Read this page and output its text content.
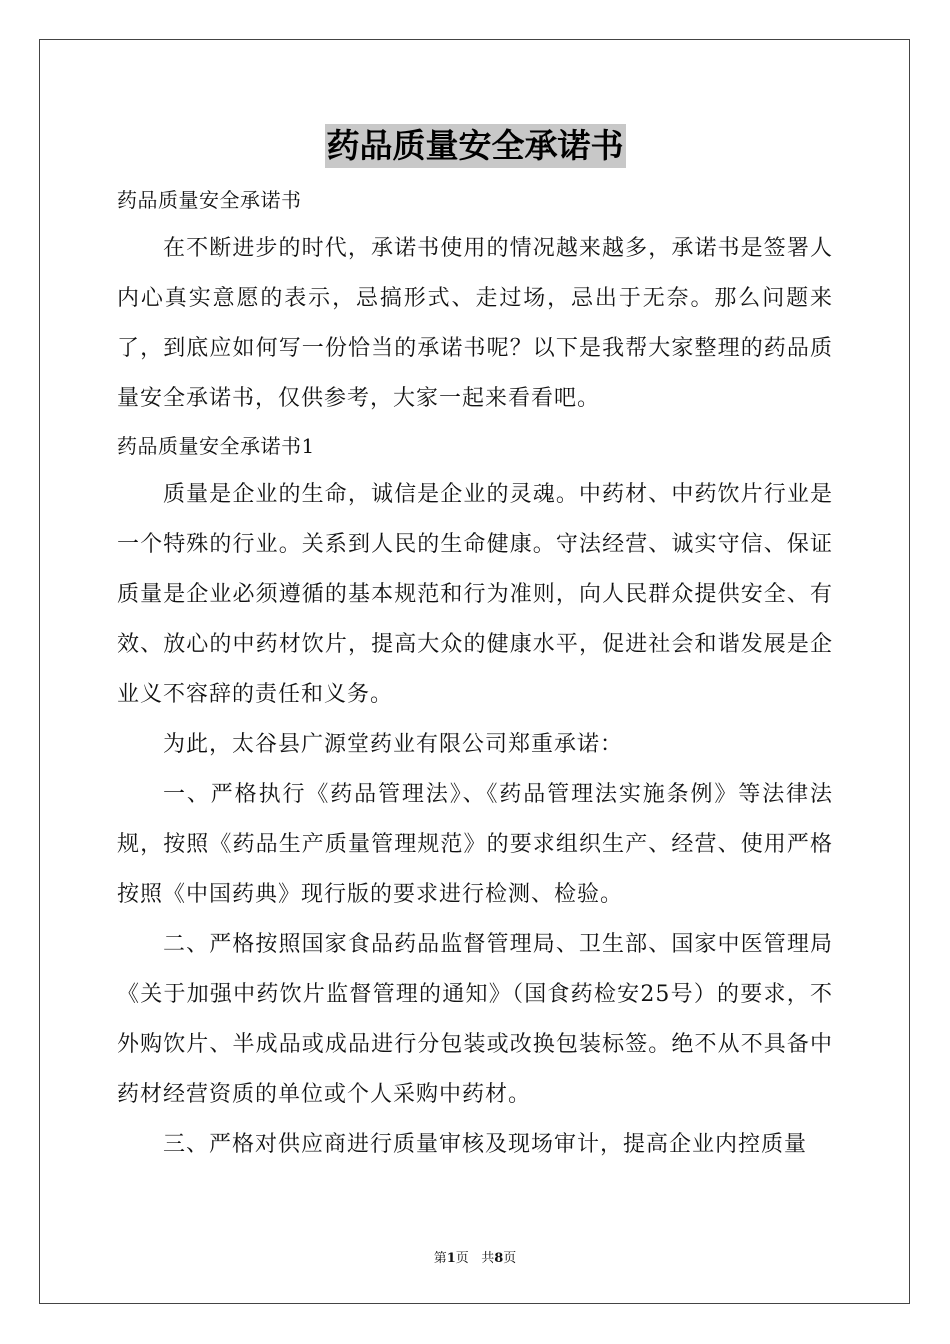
药品质量安全承诺书

药品质量安全承诺书

在不断进步的时代，承诺书使用的情况越来越多，承诺书是签署人内心真实意愿的表示，忌搞形式、走过场，忌出于无奈。那么问题来了，到底应如何写一份恰当的承诺书呢？以下是我帮大家整理的药品质量安全承诺书，仅供参考，大家一起来看看吧。

药品质量安全承诺书1

质量是企业的生命，诚信是企业的灵魂。中药材、中药饮片行业是一个特殊的行业。关系到人民的生命健康。守法经营、诚实守信、保证质量是企业必须遵循的基本规范和行为准则，向人民群众提供安全、有效、放心的中药材饮片，提高大众的健康水平，促进社会和谐发展是企业义不容辞的责任和义务。

为此，太谷县广源堂药业有限公司郑重承诺：

一、严格执行《药品管理法》、《药品管理法实施条例》等法律法规，按照《药品生产质量管理规范》的要求组织生产、经营、使用严格按照《中国药典》现行版的要求进行检测、检验。

二、严格按照国家食品药品监督管理局、卫生部、国家中医管理局《关于加强中药饮片监督管理的通知》（国食药检安25号）的要求，不外购饮片、半成品或成品进行分包装或改换包装标签。绝不从不具备中药材经营资质的单位或个人采购中药材。

三、严格对供应商进行质量审核及现场审计，提高企业内控质量

第1页 共8页
